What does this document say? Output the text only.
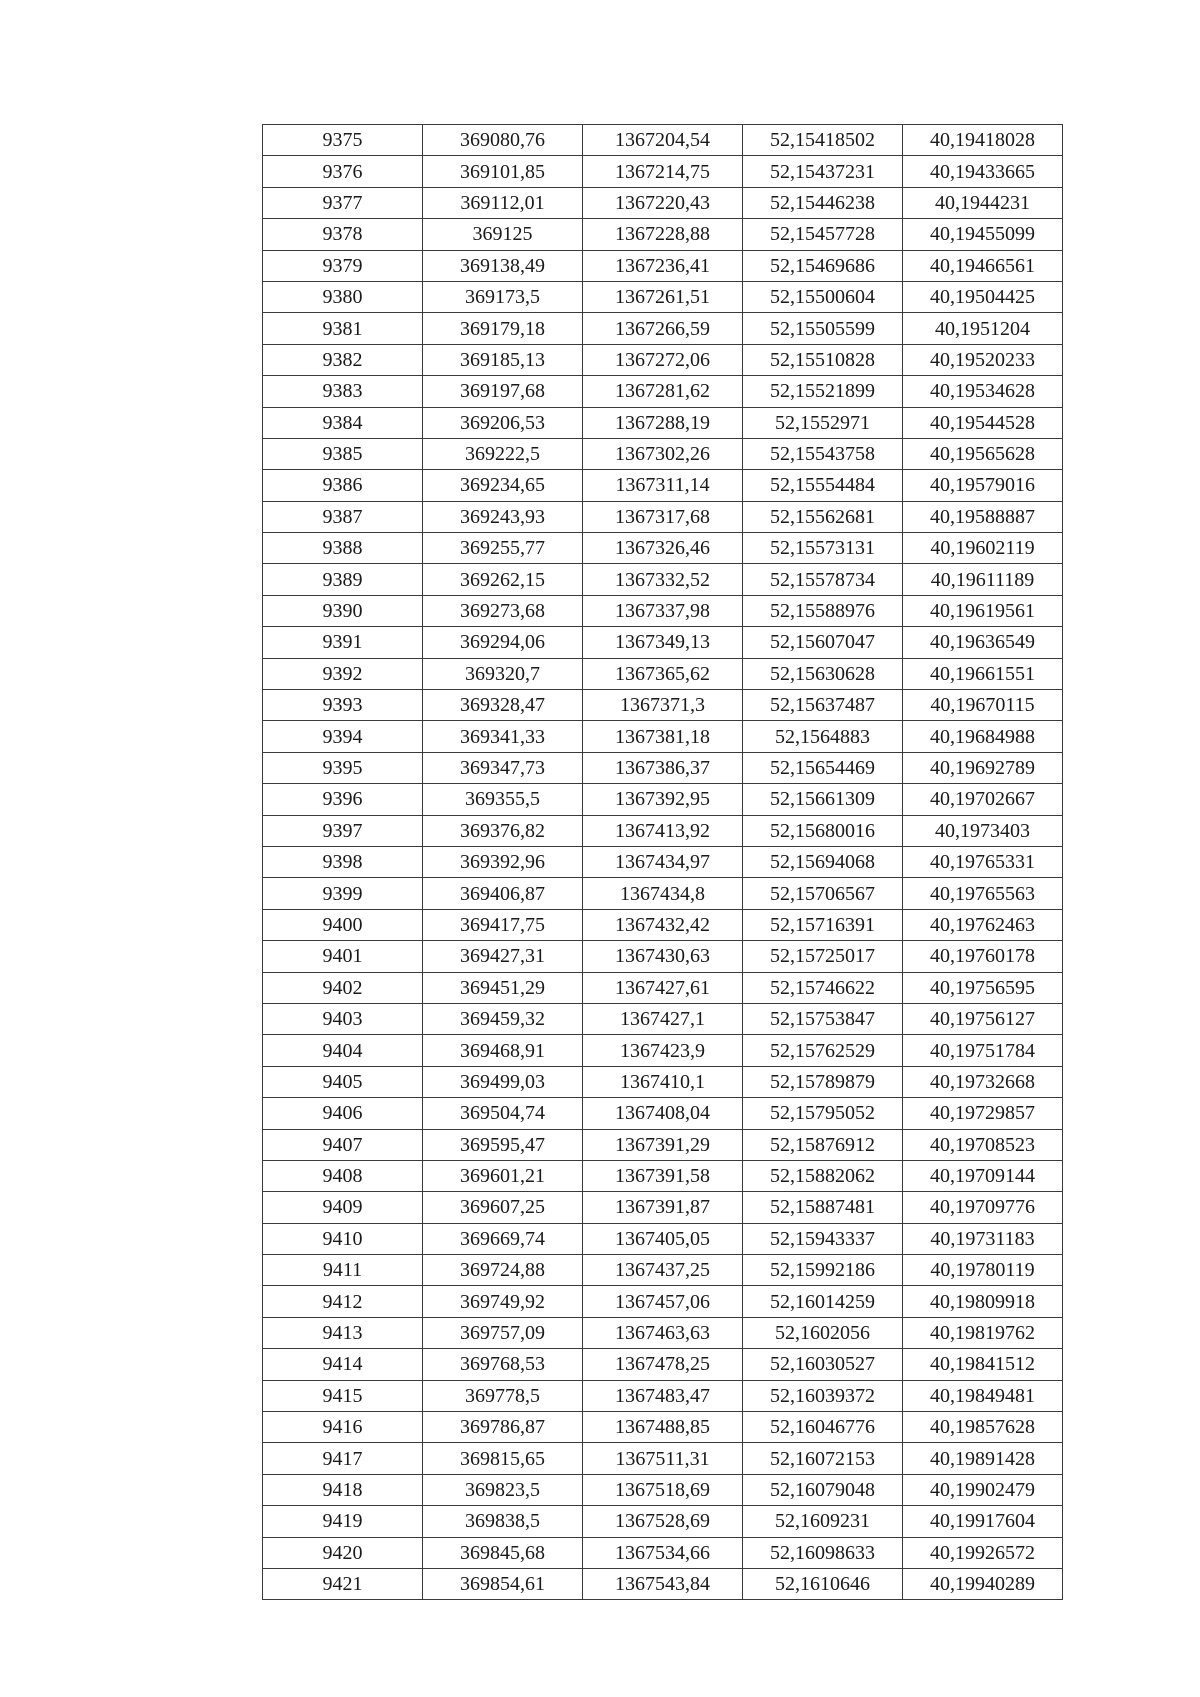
9375	369080,76	1367204,54	52,15418502	40,19418028
9376	369101,85	1367214,75	52,15437231	40,19433665
9377	369112,01	1367220,43	52,15446238	40,1944231
9378	369125	1367228,88	52,15457728	40,19455099
9379	369138,49	1367236,41	52,15469686	40,19466561
9380	369173,5	1367261,51	52,15500604	40,19504425
9381	369179,18	1367266,59	52,15505599	40,1951204
9382	369185,13	1367272,06	52,15510828	40,19520233
9383	369197,68	1367281,62	52,15521899	40,19534628
9384	369206,53	1367288,19	52,1552971	40,19544528
9385	369222,5	1367302,26	52,15543758	40,19565628
9386	369234,65	1367311,14	52,15554484	40,19579016
9387	369243,93	1367317,68	52,15562681	40,19588887
9388	369255,77	1367326,46	52,15573131	40,19602119
9389	369262,15	1367332,52	52,15578734	40,19611189
9390	369273,68	1367337,98	52,15588976	40,19619561
9391	369294,06	1367349,13	52,15607047	40,19636549
9392	369320,7	1367365,62	52,15630628	40,19661551
9393	369328,47	1367371,3	52,15637487	40,19670115
9394	369341,33	1367381,18	52,1564883	40,19684988
9395	369347,73	1367386,37	52,15654469	40,19692789
9396	369355,5	1367392,95	52,15661309	40,19702667
9397	369376,82	1367413,92	52,15680016	40,1973403
9398	369392,96	1367434,97	52,15694068	40,19765331
9399	369406,87	1367434,8	52,15706567	40,19765563
9400	369417,75	1367432,42	52,15716391	40,19762463
9401	369427,31	1367430,63	52,15725017	40,19760178
9402	369451,29	1367427,61	52,15746622	40,19756595
9403	369459,32	1367427,1	52,15753847	40,19756127
9404	369468,91	1367423,9	52,15762529	40,19751784
9405	369499,03	1367410,1	52,15789879	40,19732668
9406	369504,74	1367408,04	52,15795052	40,19729857
9407	369595,47	1367391,29	52,15876912	40,19708523
9408	369601,21	1367391,58	52,15882062	40,19709144
9409	369607,25	1367391,87	52,15887481	40,19709776
9410	369669,74	1367405,05	52,15943337	40,19731183
9411	369724,88	1367437,25	52,15992186	40,19780119
9412	369749,92	1367457,06	52,16014259	40,19809918
9413	369757,09	1367463,63	52,1602056	40,19819762
9414	369768,53	1367478,25	52,16030527	40,19841512
9415	369778,5	1367483,47	52,16039372	40,19849481
9416	369786,87	1367488,85	52,16046776	40,19857628
9417	369815,65	1367511,31	52,16072153	40,19891428
9418	369823,5	1367518,69	52,16079048	40,19902479
9419	369838,5	1367528,69	52,1609231	40,19917604
9420	369845,68	1367534,66	52,16098633	40,19926572
9421	369854,61	1367543,84	52,1610646	40,19940289
